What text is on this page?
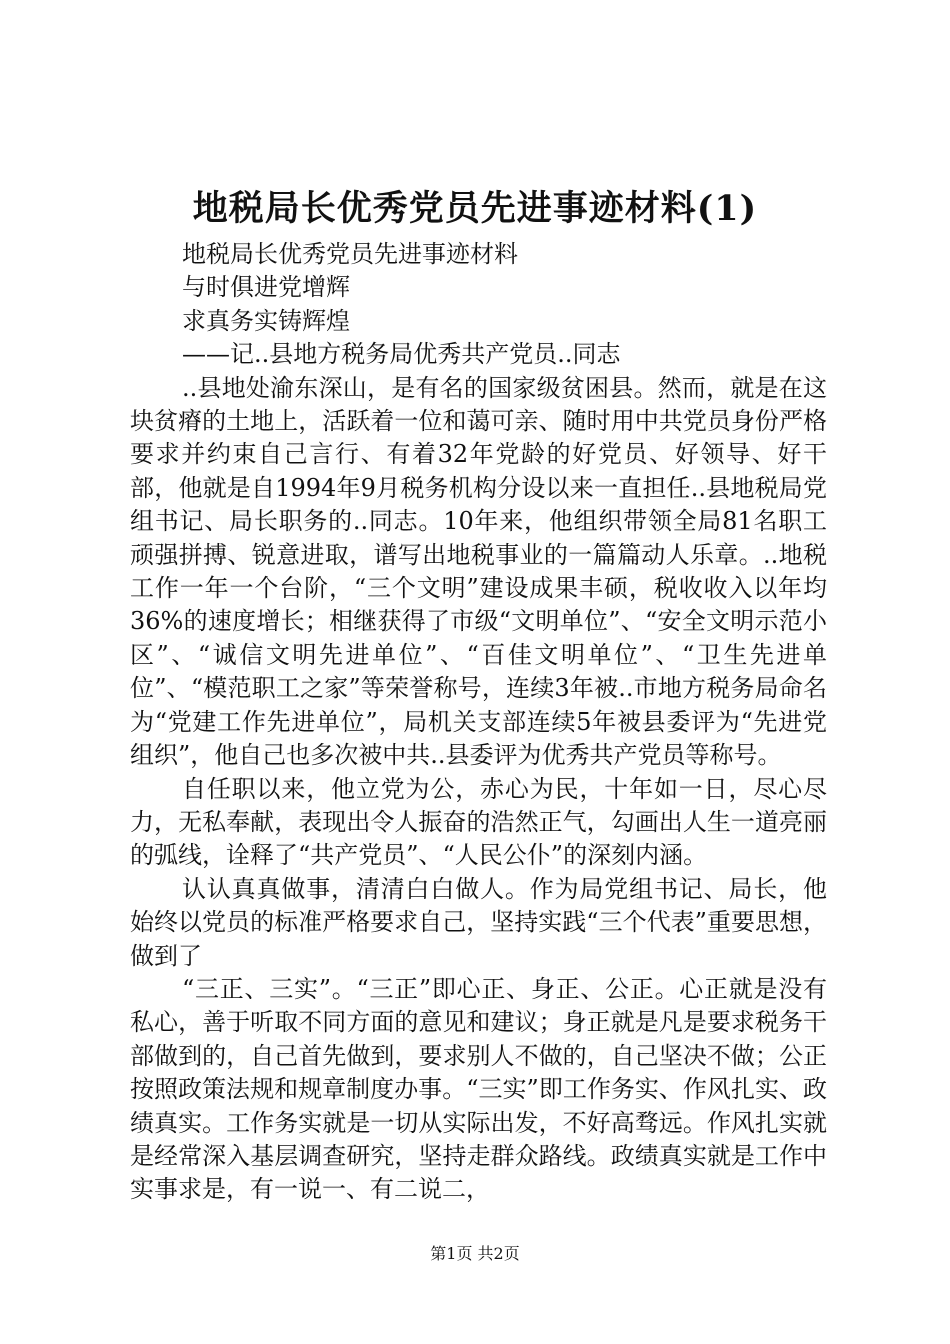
地税局长优秀党员先进事迹材料(1)

地税局长优秀党员先进事迹材料

与时俱进党增辉

求真务实铸辉煌

——记..县地方税务局优秀共产党员..同志

..县地处渝东深山，是有名的国家级贫困县。然而，就是在这块贫瘠的土地上，活跃着一位和蔼可亲、随时用中共党员身份严格要求并约束自己言行、有着32年党龄的好党员、好领导、好干部，他就是自1994年9月税务机构分设以来一直担任..县地税局党组书记、局长职务的..同志。10年来，他组织带领全局81名职工顽强拼搏、锐意进取，谱写出地税事业的一篇篇动人乐章。..地税工作一年一个台阶，“三个文明”建设成果丰硕，税收收入以年均36%的速度增长；相继获得了市级“文明单位”、“安全文明示范小区”、“诚信文明先进单位”、“百佳文明单位”、“卫生先进单位”、“模范职工之家”等荣誉称号，连续3年被..市地方税务局命名为“党建工作先进单位”，局机关支部连续5年被县委评为“先进党组织”，他自己也多次被中共..县委评为优秀共产党员等称号。

自任职以来，他立党为公，赤心为民，十年如一日，尽心尽力，无私奉献，表现出令人振奋的浩然正气，勾画出人生一道亮丽的弧线，诠释了“共产党员”、“人民公仆”的深刻内涵。

认认真真做事，清清白白做人。作为局党组书记、局长，他始终以党员的标准严格要求自己，坚持实践“三个代表”重要思想，做到了

“三正、三实”。“三正”即心正、身正、公正。心正就是没有私心，善于听取不同方面的意见和建议；身正就是凡是要求税务干部做到的，自己首先做到，要求别人不做的，自己坚决不做；公正按照政策法规和规章制度办事。“三实”即工作务实、作风扎实、政绩真实。工作务实就是一切从实际出发，不好高骛远。作风扎实就是经常深入基层调查研究，坚持走群众路线。政绩真实就是工作中实事求是，有一说一、有二说二，

第1页 共2页
